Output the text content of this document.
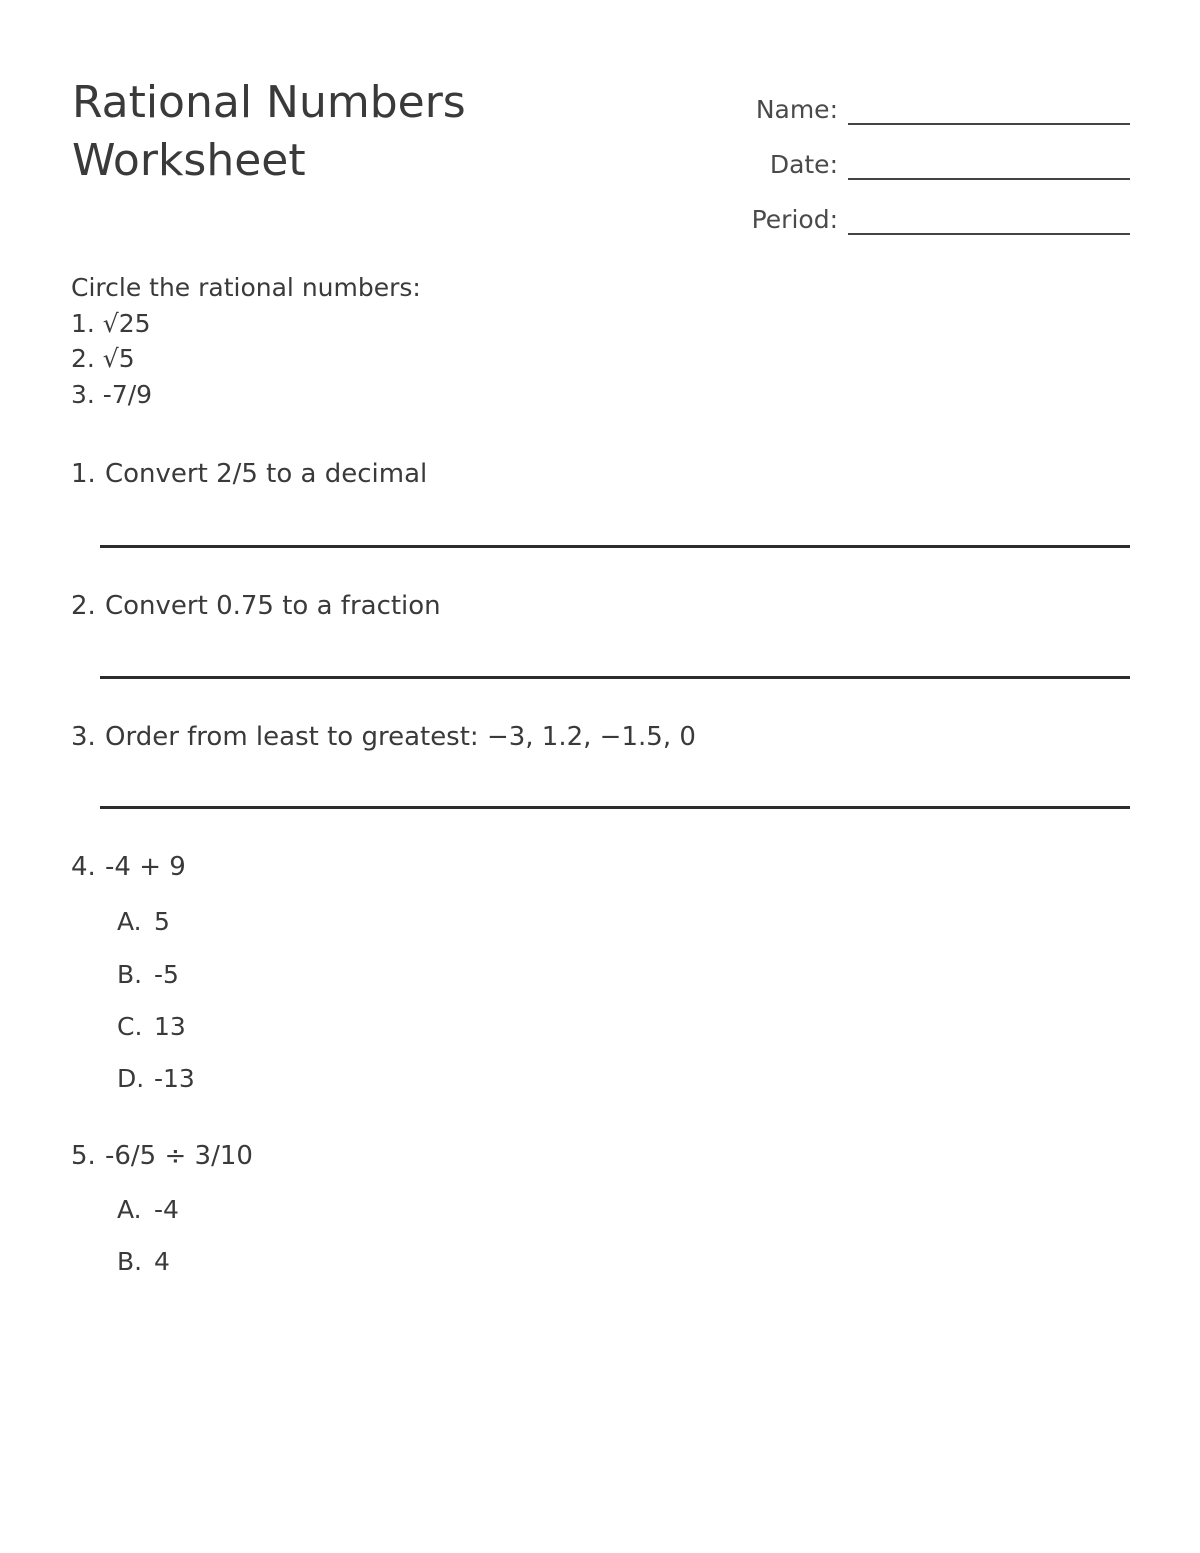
Rational Numbers
Worksheet
Name:
Date:
Period:
Circle the rational numbers:
1. √25
2. √5
3. -7/9
1. Convert 2/5 to a decimal
2. Convert 0.75 to a fraction
3. Order from least to greatest: −3, 1.2, −1.5, 0
4. -4 + 9
A. 5
B. -5
C. 13
D. -13
5. -6/5 ÷ 3/10
A. -4
B. 4
